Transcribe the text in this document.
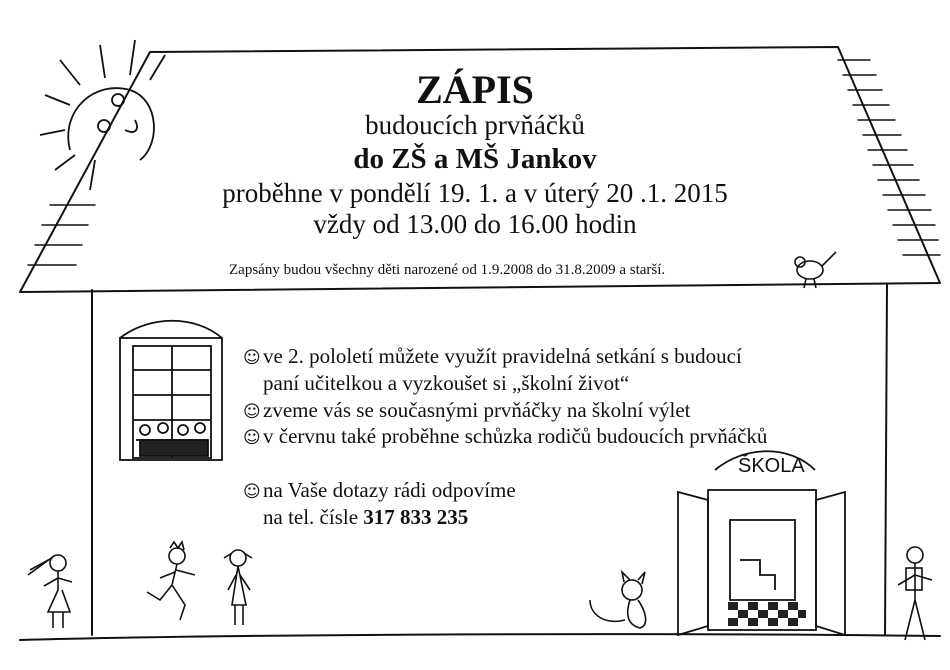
ŠKOLA
ZÁPIS
budoucích prvňáčků
do ZŠ a MŠ Jankov
proběhne v pondělí 19. 1. a v úterý 20 .1. 2015
vždy od 13.00 do 16.00 hodin
Zapsány budou všechny děti narozené od 1.9.2008 do 31.8.2009 a starší.
☺ ve 2. pololetí můžete využít pravidelná setkání s budoucí
paní učitelkou a vyzkoušet si „školní život“
☺ zveme vás se současnými prvňáčky na školní výlet
☺ v červnu také proběhne schůzka rodičů budoucích prvňáčků
☺ na Vaše dotazy rádi odpovíme
na tel. čísle 317 833 235
